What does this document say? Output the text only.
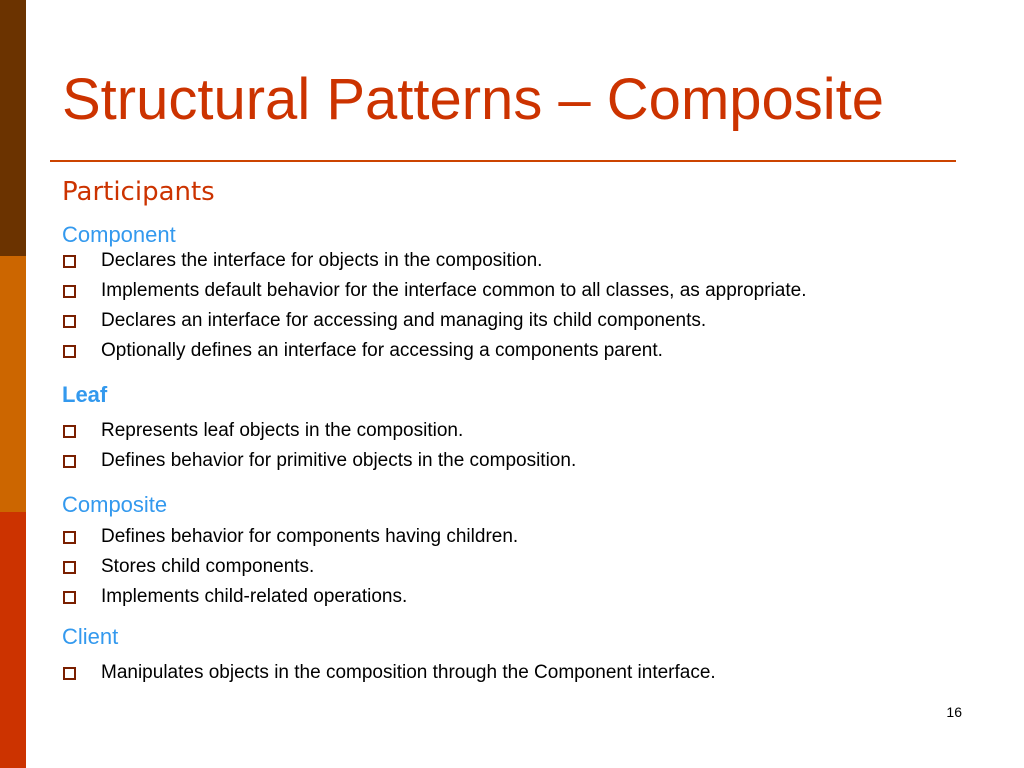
Structural Patterns – Composite
Participants
Component
Declares the interface for objects in the composition.
Implements default behavior for the interface common to all classes, as appropriate.
Declares an interface for accessing and managing its child components.
Optionally defines an interface for accessing a components parent.
Leaf
Represents leaf objects in the composition.
Defines behavior for primitive objects in the composition.
Composite
Defines behavior for components having children.
Stores child components.
Implements child-related operations.
Client
Manipulates objects in the composition through the Component interface.
16
